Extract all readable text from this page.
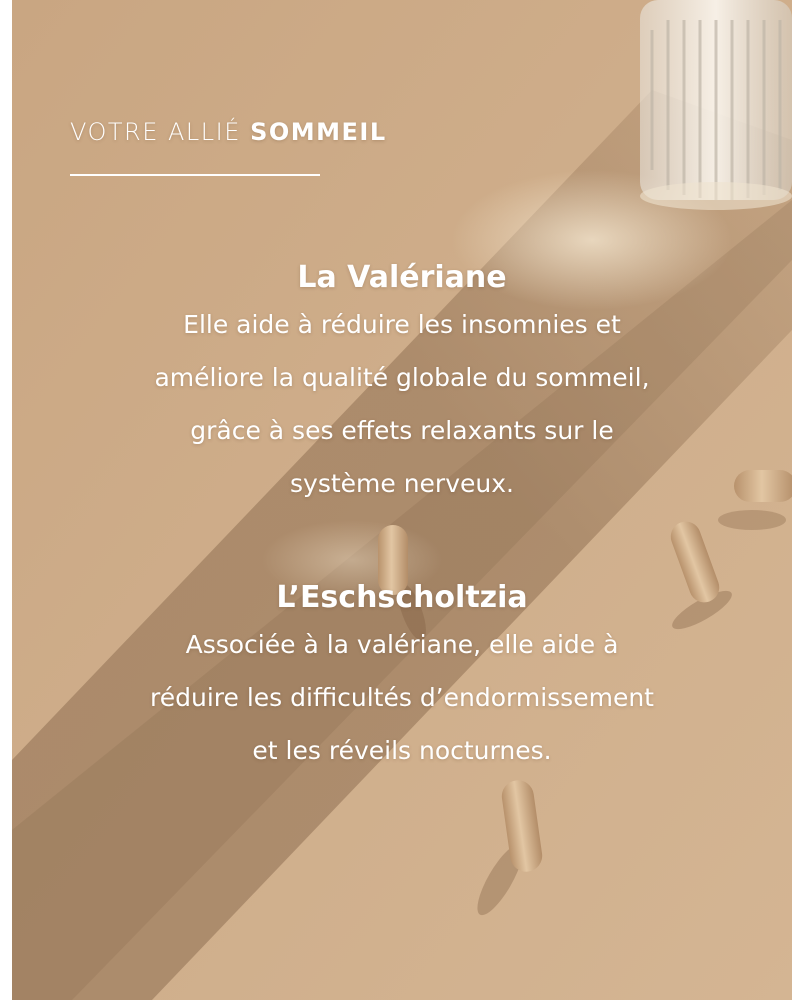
VOTRE ALLIÉ SOMMEIL
La Valériane

Elle aide à réduire les insomnies et
améliore la qualité globale du sommeil,
grâce à ses effets relaxants sur le
système nerveux.

L’Eschscholtzia

Associée à la valériane, elle aide à
réduire les difficultés d’endormissement
et les réveils nocturnes.
